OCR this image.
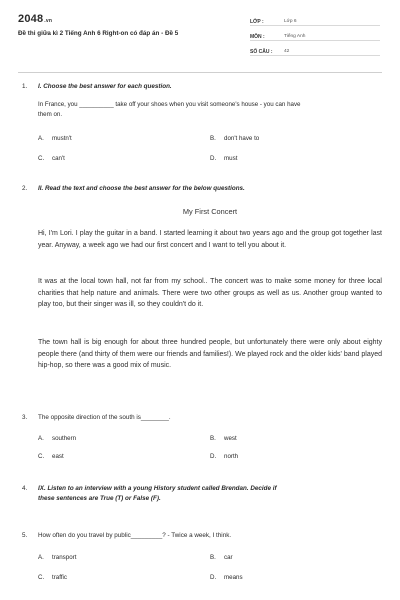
2048.vn
Đề thi giữa kì 2 Tiếng Anh 6 Right-on có đáp án - Đề 5
LỚP :	Lớp 6
MÔN :	Tiếng Anh
SỐ CÂU :	42
1. I. Choose the best answer for each question.
In France, you __________ take off your shoes when you visit someone's house - you can have
them on.
A. mustn't	B. don't have to
C. can't	D. must
2. II. Read the text and choose the best answer for the below questions.
My First Concert

Hi, I'm Lori. I play the guitar in a band. I started learning it about two years ago and the group got together last year. Anyway, a week ago we had our first concert and I want to tell you about it.

It was at the local town hall, not far from my school.. The concert was to make some money for three local charities that help nature and animals. There were two other groups as well as us. Another group wanted to play too, but their singer was ill, so they couldn't do it.

The town hall is big enough for about three hundred people, but unfortunately there were only about eighty people there (and thirty of them were our friends and families!). We played rock and the older kids' band played hip-hop, so there was a good mix of music.

3. The opposite direction of the south is________.
A. southern	B. west
C. east	D. north
4. IX. Listen to an interview with a young History student called Brendan. Decide if
these sentences are True (T) or False (F).
5. How often do you travel by public_________? - Twice a week, I think.
A. transport	B. car
C. traffic	D. means
